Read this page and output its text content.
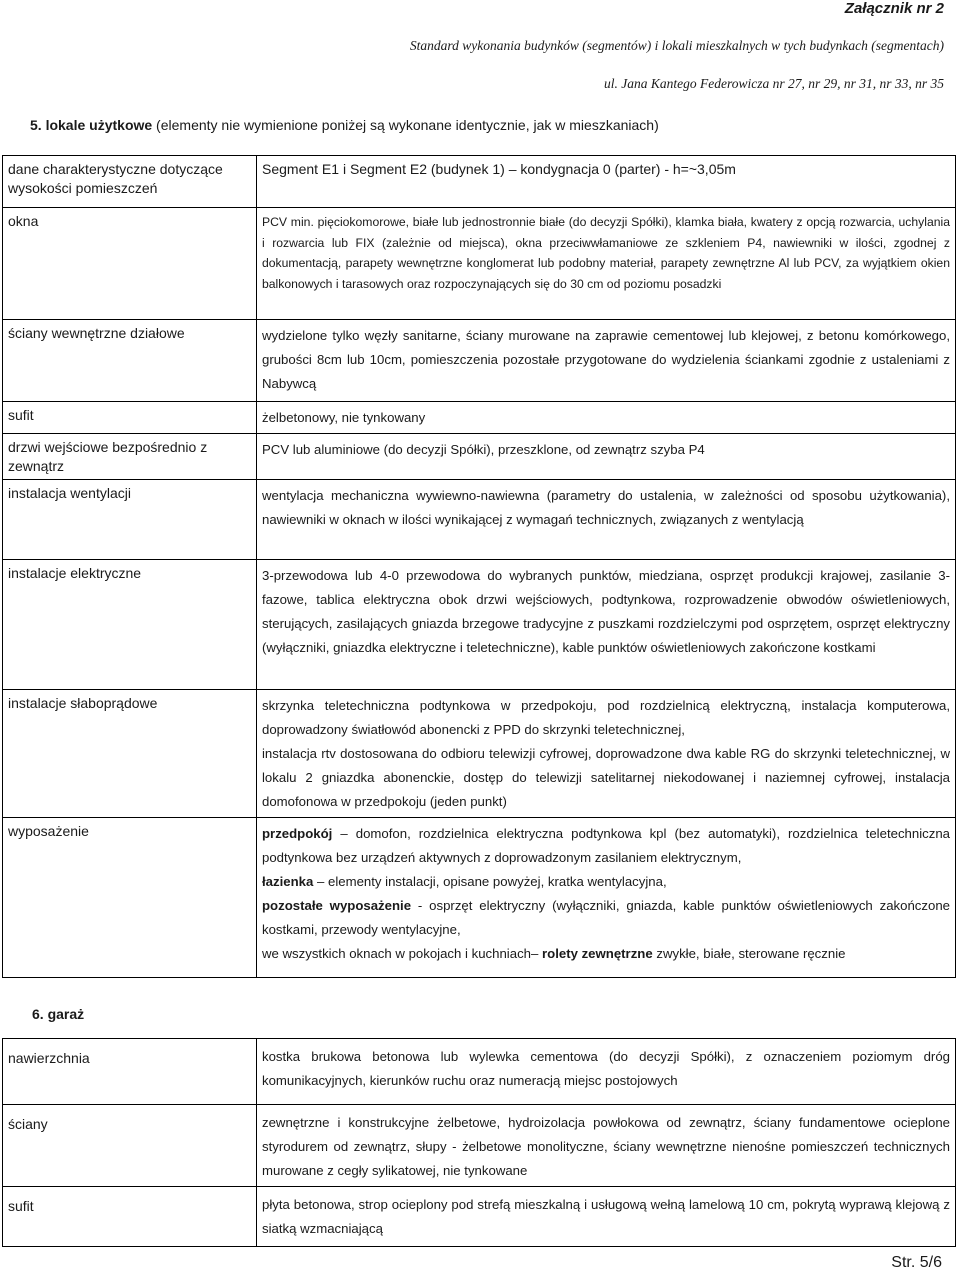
Załącznik nr 2
Standard wykonania budynków (segmentów) i lokali mieszkalnych w tych budynkach (segmentach)
ul. Jana Kantego Federowicza nr 27, nr 29, nr 31, nr 33, nr 35
5. lokale użytkowe (elementy nie wymienione poniżej są wykonane identycznie, jak w mieszkaniach)
dane charakterystyczne dotyczące wysokości pomieszczeń	Segment E1 i Segment E2 (budynek 1) – kondygnacja 0 (parter) - h=~3,05m
okna	PCV min. pięciokomorowe, białe lub jednostronnie białe (do decyzji Spółki), klamka biała, kwatery z opcją rozwarcia, uchylania i rozwarcia lub FIX (zależnie od miejsca), okna przeciwwłamaniowe ze szkleniem P4, nawiewniki w ilości, zgodnej z dokumentacją, parapety wewnętrzne konglomerat lub podobny materiał, parapety zewnętrzne Al lub PCV, za wyjątkiem okien balkonowych i tarasowych oraz rozpoczynających się do 30 cm od poziomu posadzki
ściany wewnętrzne działowe	wydzielone tylko węzły sanitarne, ściany murowane na zaprawie cementowej lub klejowej, z betonu komórkowego, grubości 8cm lub 10cm, pomieszczenia pozostałe przygotowane do wydzielenia ściankami zgodnie z ustaleniami z Nabywcą
sufit	żelbetonowy, nie tynkowany
drzwi wejściowe bezpośrednio z zewnątrz	PCV lub aluminiowe (do decyzji Spółki), przeszklone, od zewnątrz szyba P4
instalacja wentylacji	wentylacja mechaniczna wywiewno-nawiewna (parametry do ustalenia, w zależności od sposobu użytkowania), nawiewniki w oknach w ilości wynikającej z wymagań technicznych, związanych z wentylacją
instalacje elektryczne	3-przewodowa lub 4-0 przewodowa do wybranych punktów, miedziana, osprzęt produkcji krajowej, zasilanie 3-fazowe, tablica elektryczna obok drzwi wejściowych, podtynkowa, rozprowadzenie obwodów oświetleniowych, sterujących, zasilających gniazda brzegowe tradycyjne z puszkami rozdzielczymi pod osprzętem, osprzęt elektryczny (wyłączniki, gniazdka elektryczne i teletechniczne), kable punktów oświetleniowych zakończone kostkami
instalacje słaboprądowe	skrzynka teletechniczna podtynkowa w przedpokoju, pod rozdzielnicą elektryczną, instalacja komputerowa, doprowadzony światłowód abonencki z PPD do skrzynki teletechnicznej,
instalacja rtv dostosowana do odbioru telewizji cyfrowej, doprowadzone dwa kable RG do skrzynki teletechnicznej, w lokalu 2 gniazdka abonenckie, dostęp do telewizji satelitarnej niekodowanej i naziemnej cyfrowej, instalacja domofonowa w przedpokoju (jeden punkt)

wyposażenie	przedpokój – domofon, rozdzielnica elektryczna podtynkowa kpl (bez automatyki), rozdzielnica teletechniczna podtynkowa bez urządzeń aktywnych z doprowadzonym zasilaniem elektrycznym,
łazienka – elementy instalacji, opisane powyżej, kratka wentylacyjna,
pozostałe wyposażenie - osprzęt elektryczny (wyłączniki, gniazda, kable punktów oświetleniowych zakończone kostkami, przewody wentylacyjne,
we wszystkich oknach w pokojach i kuchniach– rolety zewnętrzne zwykłe, białe, sterowane ręcznie
6. garaż
nawierzchnia	kostka brukowa betonowa lub wylewka cementowa (do decyzji Spółki), z oznaczeniem poziomym dróg komunikacyjnych, kierunków ruchu oraz numeracją miejsc postojowych
ściany	zewnętrzne i konstrukcyjne żelbetowe, hydroizolacja powłokowa od zewnątrz, ściany fundamentowe ocieplone styrodurem od zewnątrz, słupy - żelbetowe monolityczne, ściany wewnętrzne nienośne pomieszczeń technicznych murowane z cegły sylikatowej, nie tynkowane
sufit	płyta betonowa, strop ocieplony pod strefą mieszkalną i usługową wełną lamelową 10 cm, pokrytą wyprawą klejową z siatką wzmacniającą
Str. 5/6
